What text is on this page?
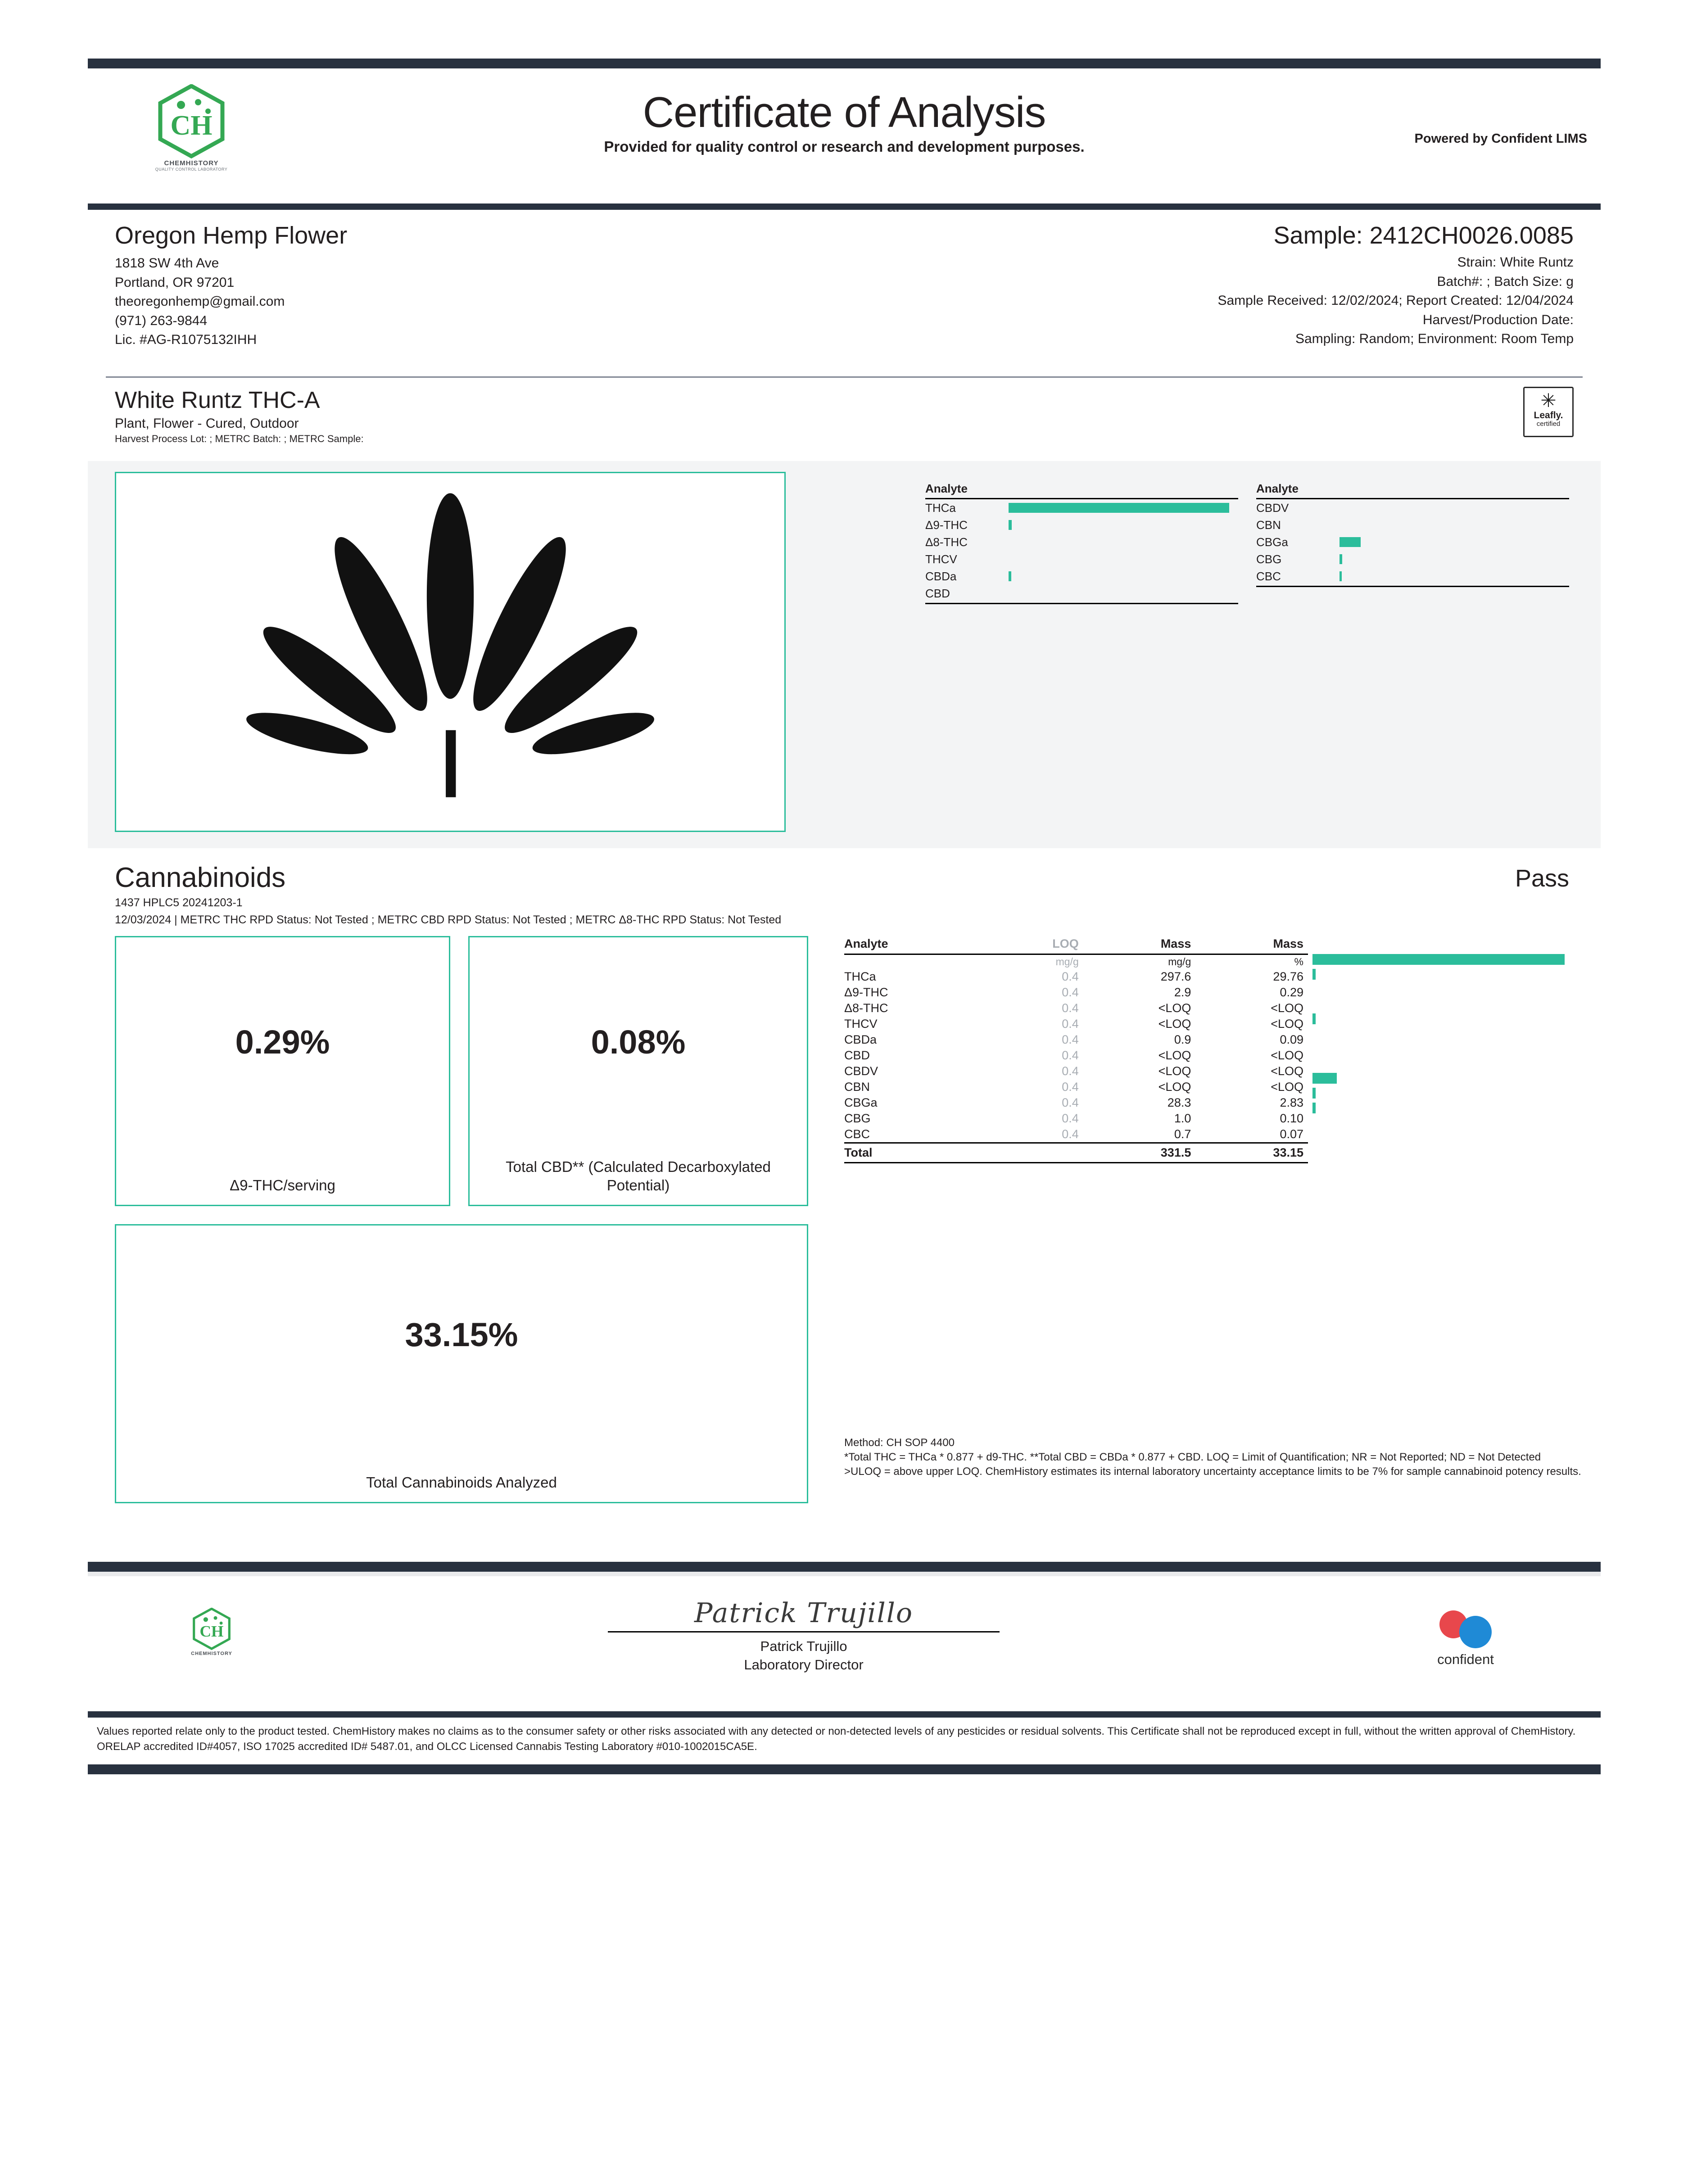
CH
CHEMHISTORY
QUALITY CONTROL LABORATORY
Certificate of Analysis
Provided for quality control or research and development purposes.	Powered by Confident LIMS
Oregon Hemp Flower
1818 SW 4th Ave
Portland, OR 97201
theoregonhemp@gmail.com
(971) 263-9844
Lic. #AG-R1075132IHH
Sample: 2412CH0026.0085
Strain: White Runtz
Batch#: ; Batch Size: g
Sample Received: 12/02/2024; Report Created: 12/04/2024
Harvest/Production Date:
Sampling: Random; Environment: Room Temp
White Runtz THC-A
Plant, Flower - Cured, Outdoor
Harvest Process Lot: ; METRC Batch: ; METRC Sample:
✳
Leafly.
certified
Analyte
THCa
Δ9-THC
Δ8-THC
THCV
CBDa
CBD
Analyte
CBDV
CBN
CBGa
CBG
CBC
Cannabinoids	Pass
1437 HPLC5 20241203-1
12/03/2024 | METRC THC RPD Status: Not Tested ; METRC CBD RPD Status: Not Tested ; METRC Δ8-THC RPD Status: Not Tested
0.29%
Δ9-THC/serving
0.08%
Total CBD** (Calculated Decarboxylated Potential)
33.15%
Total Cannabinoids Analyzed
Analyte	LOQ	Mass	Mass
	mg/g	mg/g	%
THCa	0.4	297.6	29.76
Δ9-THC	0.4	2.9	0.29
Δ8-THC	0.4	<LOQ	<LOQ
THCV	0.4	<LOQ	<LOQ
CBDa	0.4	0.9	0.09
CBD	0.4	<LOQ	<LOQ
CBDV	0.4	<LOQ	<LOQ
CBN	0.4	<LOQ	<LOQ
CBGa	0.4	28.3	2.83
CBG	0.4	1.0	0.10
CBC	0.4	0.7	0.07
Total		331.5	33.15
Method: CH SOP 4400
*Total THC = THCa * 0.877 + d9-THC. **Total CBD = CBDa * 0.877 + CBD. LOQ = Limit of Quantification; NR = Not Reported; ND = Not Detected
>ULOQ = above upper LOQ. ChemHistory estimates its internal laboratory uncertainty acceptance limits to be 7% for sample cannabinoid potency results.
CH
CHEMHISTORY
Patrick Trujillo
Patrick Trujillo
Laboratory Director	confident
Values reported relate only to the product tested. ChemHistory makes no claims as to the consumer safety or other risks associated with any detected or non-detected levels of any pesticides or residual solvents. This Certificate shall not be reproduced except in full, without the written approval of ChemHistory. ORELAP accredited ID#4057, ISO 17025 accredited ID# 5487.01, and OLCC Licensed Cannabis Testing Laboratory #010-1002015CA5E.
